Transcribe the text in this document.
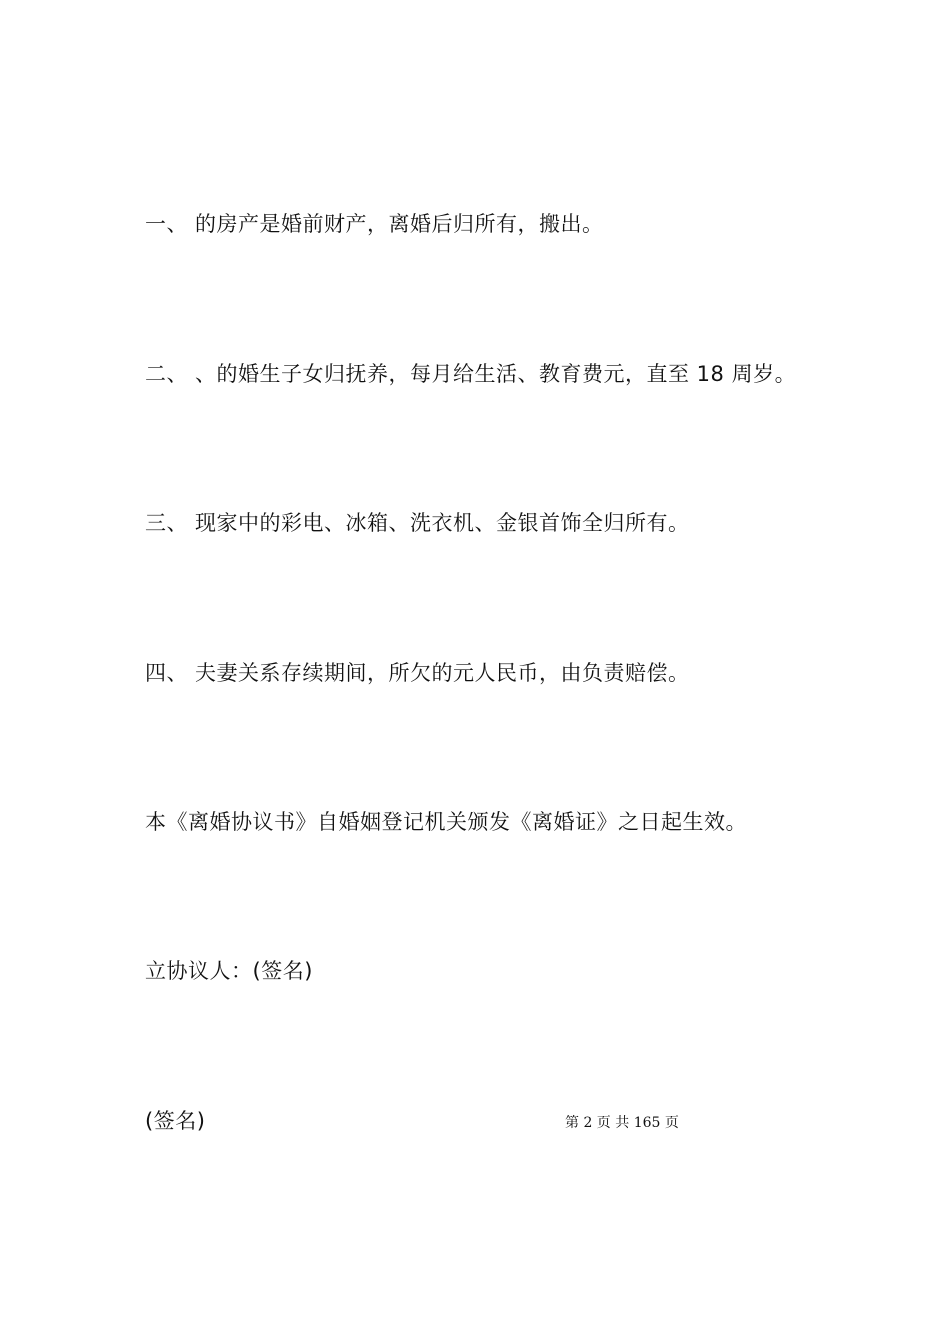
一、 的房产是婚前财产，离婚后归所有，搬出。
二、 、的婚生子女归抚养，每月给生活、教育费元，直至 18 周岁。
三、 现家中的彩电、冰箱、洗衣机、金银首饰全归所有。
四、 夫妻关系存续期间，所欠的元人民币，由负责赔偿。
本《离婚协议书》自婚姻登记机关颁发《离婚证》之日起生效。
立协议人：(签名)
(签名)	第 2 页 共 165 页
